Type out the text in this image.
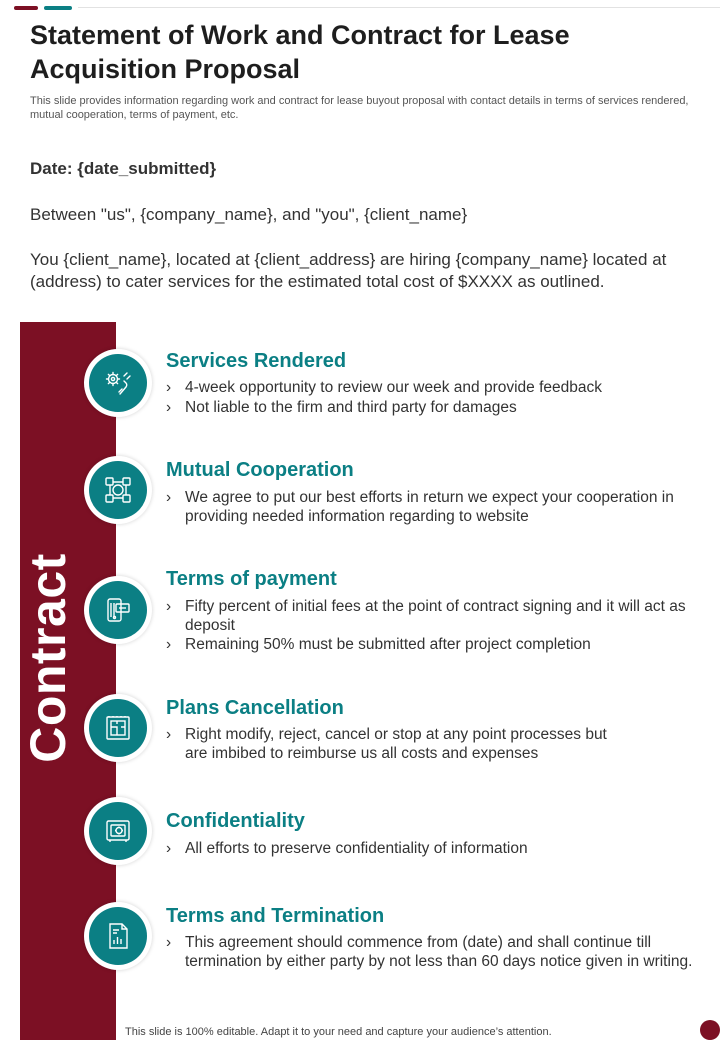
Statement of Work and Contract for Lease Acquisition Proposal

This slide provides information regarding work and contract for lease buyout proposal with contact details in terms of services rendered, mutual cooperation, terms of payment, etc.

Date: {date_submitted}

Between "us", {company_name}, and "you", {client_name}

You {client_name}, located at {client_address} are hiring {company_name} located at (address) to cater services for the estimated total cost of $XXXX as outlined.

Contract
Services Rendered

› 4-week opportunity to review our week and provide feedback

› Not liable to the firm and third party for damages

Mutual Cooperation

› We agree to put our best efforts in return we expect your cooperation in providing needed information regarding to website

Terms of payment

› Fifty percent of initial fees at the point of contract signing and it will act as deposit

› Remaining 50% must be submitted after project completion

Plans Cancellation

› Right modify, reject, cancel or stop at any point processes but are imbibed to reimburse us all costs and expenses

Confidentiality

› All efforts to preserve confidentiality of information

Terms and Termination

› This agreement should commence from (date) and shall continue till termination by either party by not less than 60 days notice given in writing.

This slide is 100% editable. Adapt it to your need and capture your audience’s attention.
